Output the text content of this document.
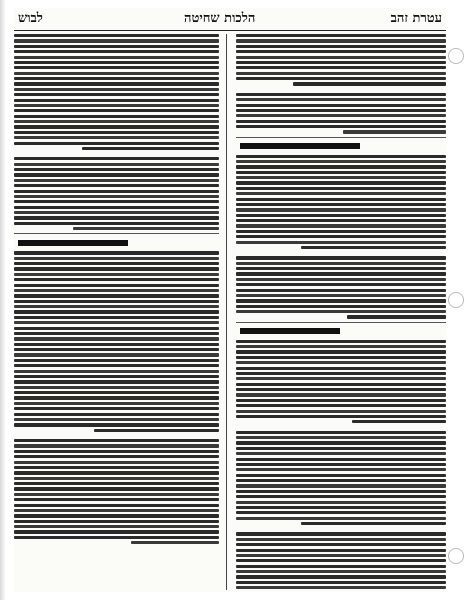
לבוש	הלכות שחיטה	עטרת זהב
